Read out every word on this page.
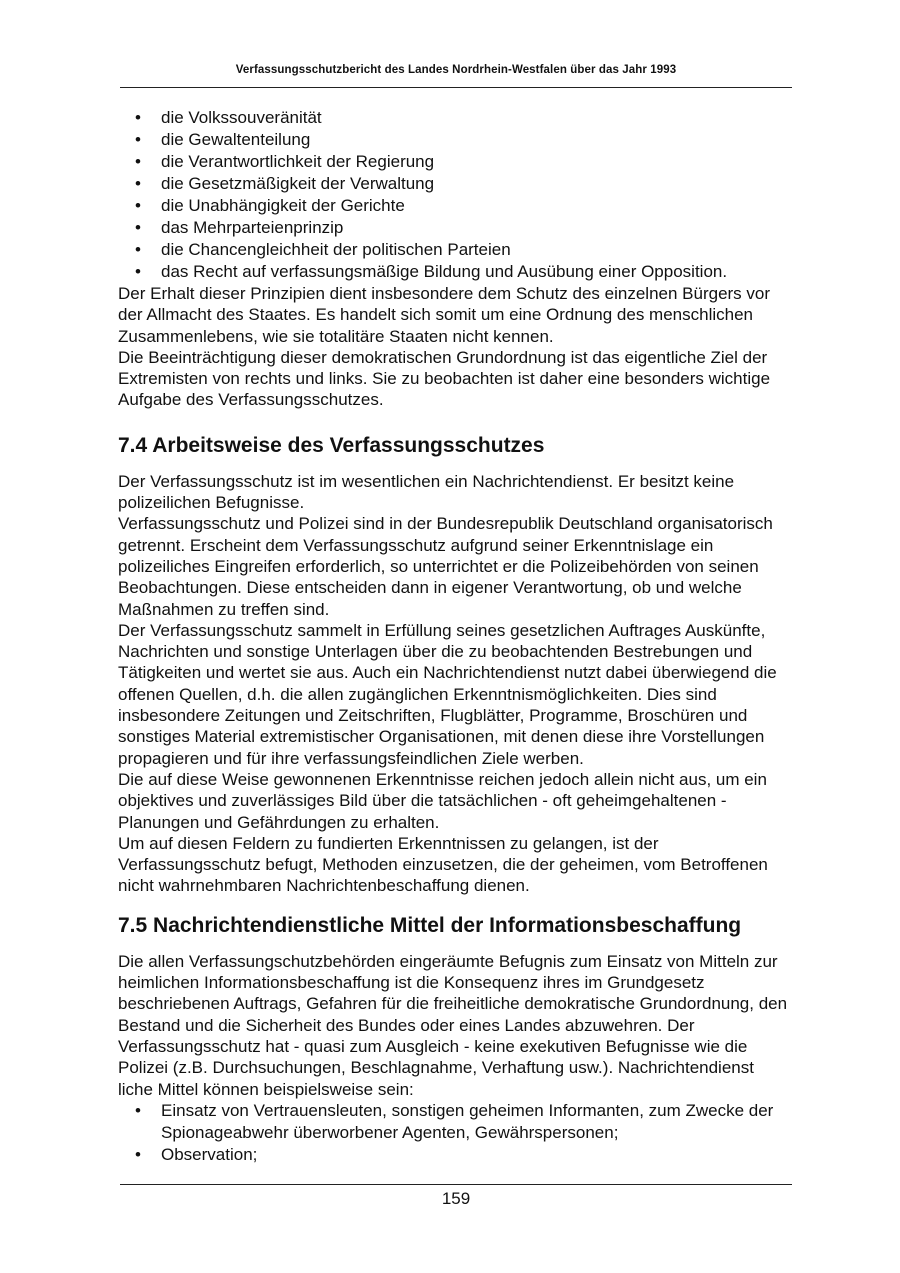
Verfassungsschutzbericht des Landes Nordrhein-Westfalen über das Jahr 1993
• die Volkssouveränität
• die Gewaltenteilung
• die Verantwortlichkeit der Regierung
• die Gesetzmäßigkeit der Verwaltung
• die Unabhängigkeit der Gerichte
• das Mehrparteienprinzip
• die Chancengleichheit der politischen Parteien
• das Recht auf verfassungsmäßige Bildung und Ausübung einer Opposition.

Der Erhalt dieser Prinzipien dient insbesondere dem Schutz des einzelnen Bürgers vor der Allmacht des Staates. Es handelt sich somit um eine Ordnung des menschlichen Zusammenlebens, wie sie totalitäre Staaten nicht kennen.

Die Beeinträchtigung dieser demokratischen Grundordnung ist das eigentliche Ziel der Extremisten von rechts und links. Sie zu beobachten ist daher eine besonders wichtige Aufgabe des Verfassungsschutzes.

7.4 Arbeitsweise des Verfassungsschutzes

Der Verfassungsschutz ist im wesentlichen ein Nachrichtendienst. Er besitzt keine polizeilichen Befugnisse.

Verfassungsschutz und Polizei sind in der Bundesrepublik Deutschland organisatorisch getrennt. Erscheint dem Verfassungsschutz aufgrund seiner Erkenntnislage ein polizeiliches Eingreifen erforderlich, so unterrichtet er die Polizeibehörden von seinen Beobachtungen. Diese entscheiden dann in eigener Verantwortung, ob und welche Maßnahmen zu treffen sind.

Der Verfassungsschutz sammelt in Erfüllung seines gesetzlichen Auftrages Auskünfte, Nachrichten und sonstige Unterlagen über die zu beobachtenden Bestrebungen und Tätigkeiten und wertet sie aus. Auch ein Nachrichtendienst nutzt dabei überwiegend die offenen Quellen, d.h. die allen zugänglichen Erkenntnismöglichkeiten. Dies sind insbesondere Zeitungen und Zeitschriften, Flugblätter, Programme, Broschüren und sonstiges Material extremistischer Organisationen, mit denen diese ihre Vorstellungen propagieren und für ihre verfassungsfeindlichen Ziele werben.

Die auf diese Weise gewonnenen Erkenntnisse reichen jedoch allein nicht aus, um ein objektives und zuverlässiges Bild über die tatsächlichen - oft geheimgehaltenen - Planungen und Gefährdungen zu erhalten.

Um auf diesen Feldern zu fundierten Erkenntnissen zu gelangen, ist der Verfassungsschutz befugt, Methoden einzusetzen, die der geheimen, vom Betroffenen nicht wahrnehmbaren Nachrichtenbeschaffung dienen.

7.5 Nachrichtendienstliche Mittel der Informationsbeschaffung

Die allen Verfassungschutzbehörden eingeräumte Befugnis zum Einsatz von Mitteln zur heimlichen Informationsbeschaffung ist die Konsequenz ihres im Grundgesetz beschriebenen Auftrags, Gefahren für die freiheitliche demokratische Grundordnung, den Bestand und die Sicherheit des Bundes oder eines Landes abzuwehren. Der Verfassungsschutz hat - quasi zum Ausgleich - keine exekutiven Befugnisse wie die Polizei (z.B. Durchsuchungen, Beschlagnahme, Verhaftung usw.). Nachrichtendienst liche Mittel können beispielsweise sein:

• Einsatz von Vertrauensleuten, sonstigen geheimen Informanten, zum Zwecke der Spionageabwehr überworbener Agenten, Gewährspersonen;
• Observation;
159
